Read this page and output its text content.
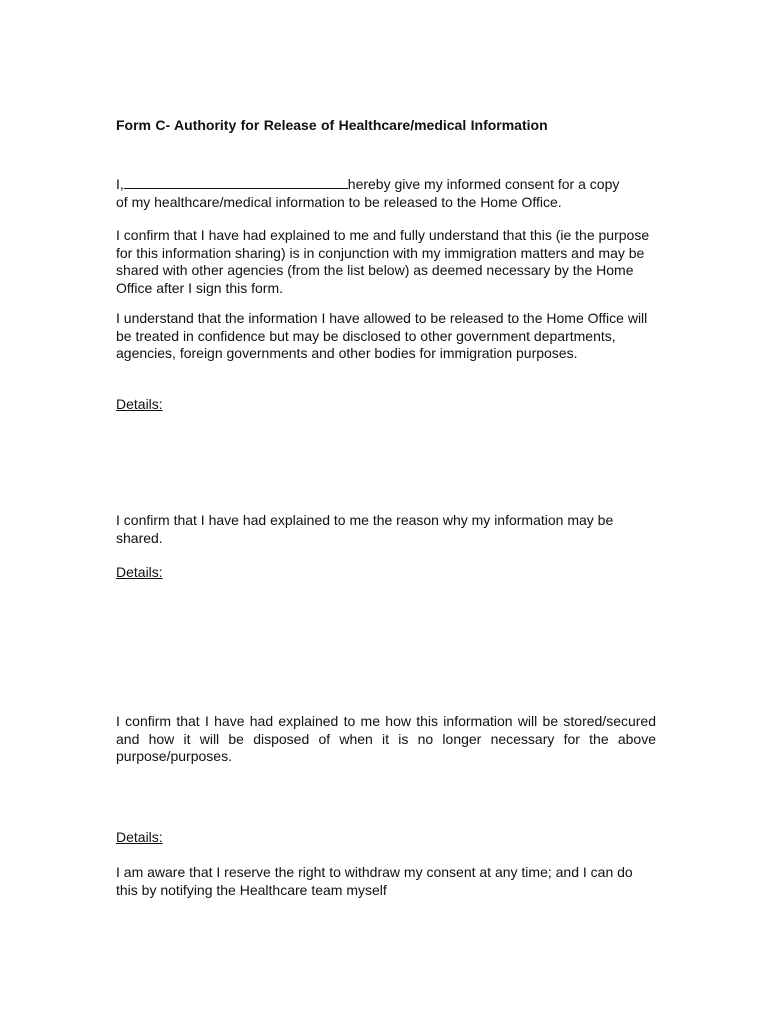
Form C- Authority for Release of Healthcare/medical Information

I,	hereby give my informed consent for a copy
of my healthcare/medical information to be released to the Home Office.

I confirm that I have had explained to me and fully understand that this (ie the purpose for this information sharing) is in conjunction with my immigration matters and may be shared with other agencies (from the list below) as deemed necessary by the Home Office after I sign this form.

I understand that the information I have allowed to be released to the Home Office will be treated in confidence but may be disclosed to other government departments, agencies, foreign governments and other bodies for immigration purposes.

Details:

I confirm that I have had explained to me the reason why my information may be shared.

Details:

I confirm that I have had explained to me how this information will be stored/secured and how it will be disposed of when it is no longer necessary for the above purpose/purposes.

Details:

I am aware that I reserve the right to withdraw my consent at any time; and I can do this by notifying the Healthcare team myself
